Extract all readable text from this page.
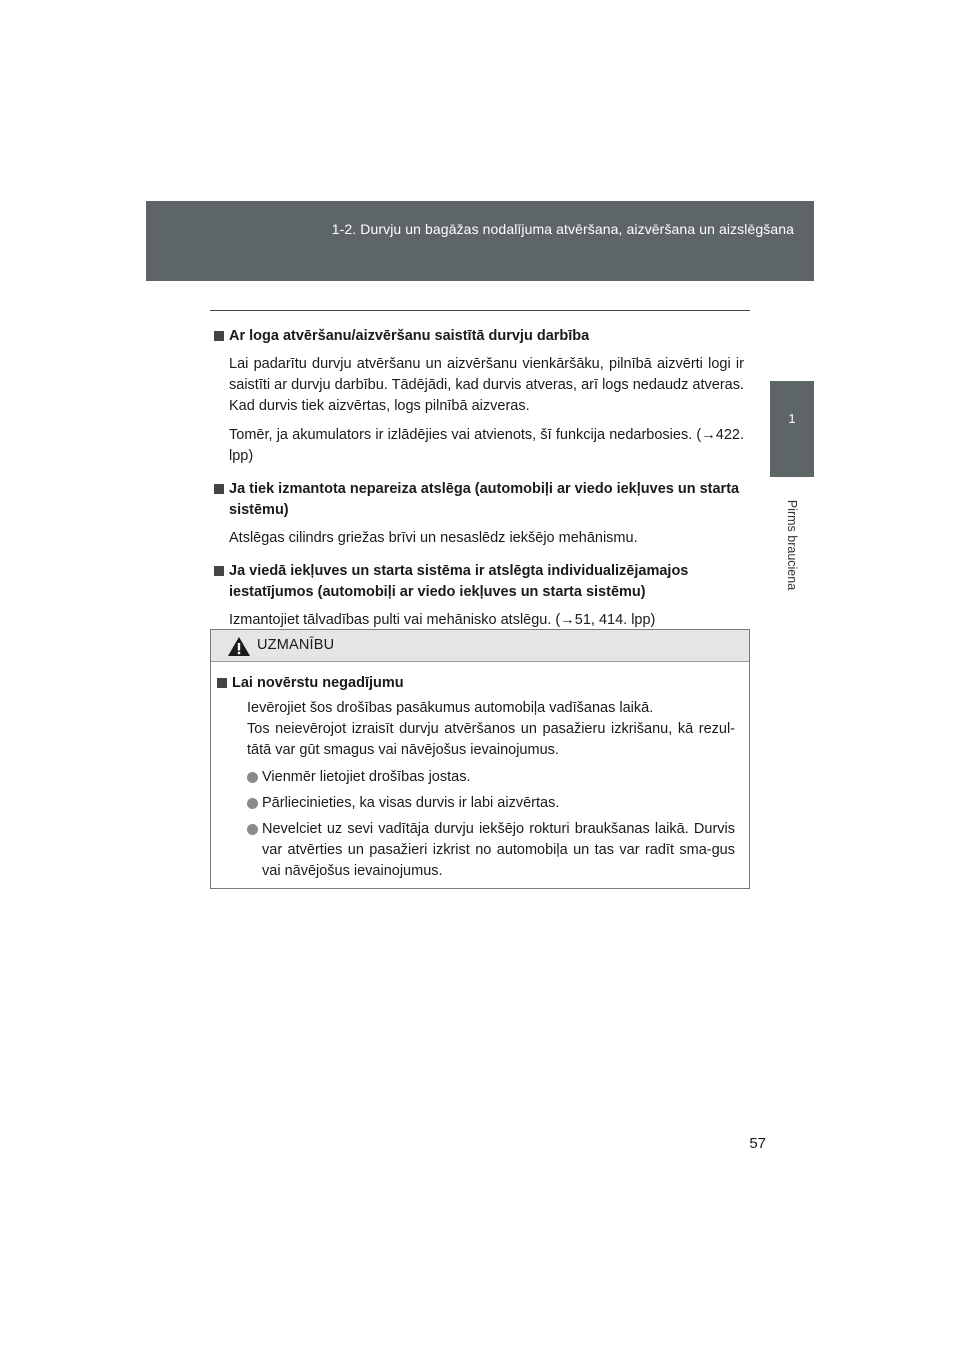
1-2. Durvju un bagāžas nodalījuma atvēršana, aizvēršana un aizslēgšana
1
Pirms brauciena
Ar loga atvēršanu/aizvēršanu saistītā durvju darbība
Lai padarītu durvju atvēršanu un aizvēršanu vienkāršāku, pilnībā aizvērti logi ir saistīti ar durvju darbību. Tādējādi, kad durvis atveras, arī logs nedaudz atveras. Kad durvis tiek aizvērtas, logs pilnībā aizveras.
Tomēr, ja akumulators ir izlādējies vai atvienots, šī funkcija nedarbosies. (→422. lpp)
Ja tiek izmantota nepareiza atslēga (automobiļi ar viedo iekļuves un starta sistēmu)
Atslēgas cilindrs griežas brīvi un nesaslēdz iekšējo mehānismu.
Ja viedā iekļuves un starta sistēma ir atslēgta individualizējamajos iestatījumos (automobiļi ar viedo iekļuves un starta sistēmu)
Izmantojiet tālvadības pulti vai mehānisko atslēgu. (→51, 414. lpp)
UZMANĪBU
Lai novērstu negadījumu
Ievērojiet šos drošības pasākumus automobiļa vadīšanas laikā.
Tos neievērojot izraisīt durvju atvēršanos un pasažieru izkrišanu, kā rezul-tātā var gūt smagus vai nāvējošus ievainojumus.
Vienmēr lietojiet drošības jostas.
Pārliecinieties, ka visas durvis ir labi aizvērtas.
Nevelciet uz sevi vadītāja durvju iekšējo rokturi braukšanas laikā. Durvis var atvērties un pasažieri izkrist no automobiļa un tas var radīt sma-gus vai nāvējošus ievainojumus.
57
